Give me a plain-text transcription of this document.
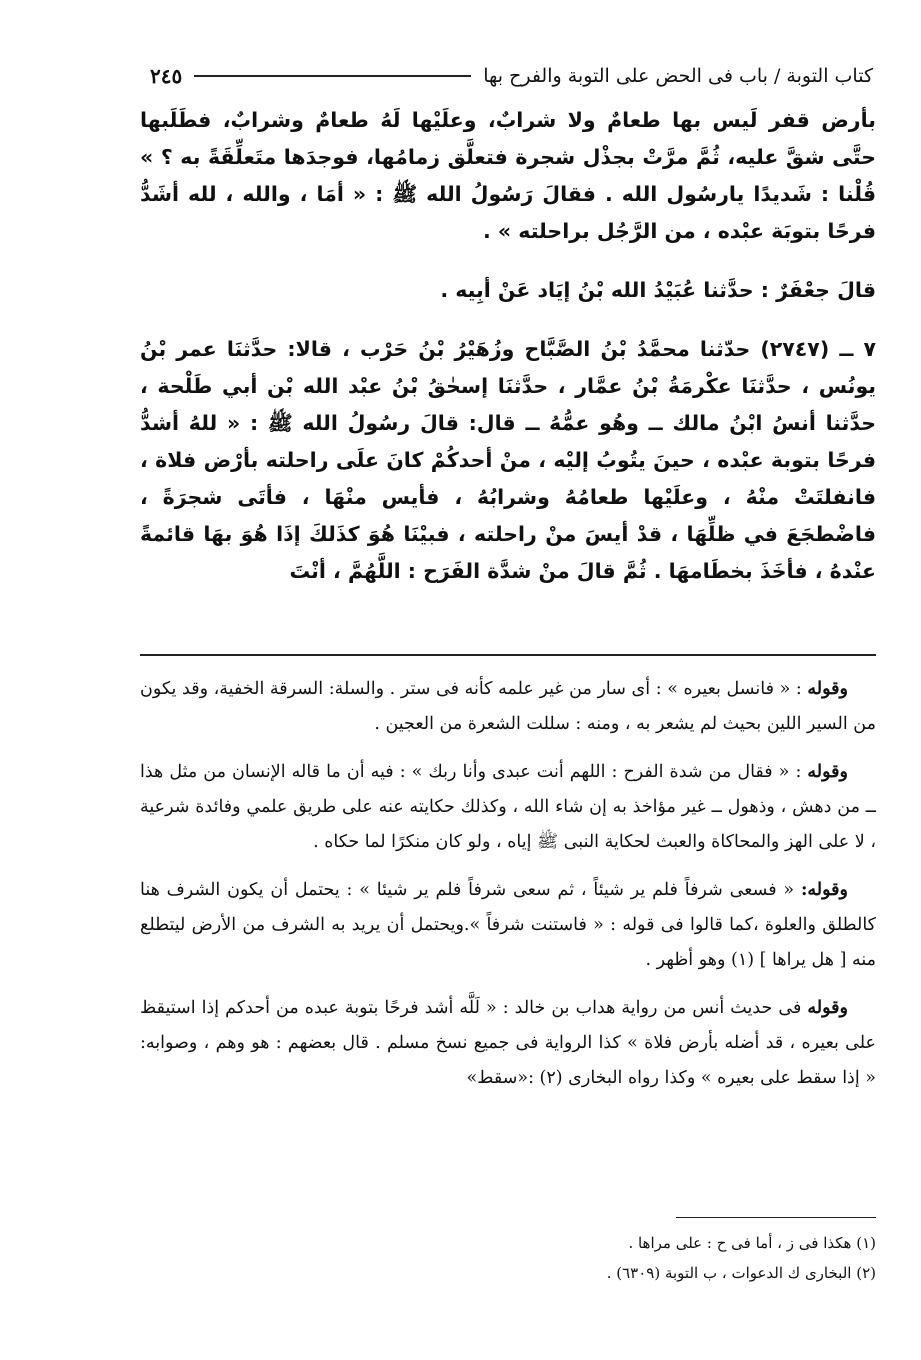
كتاب التوبة / باب فى الحض على التوبة والفرح بها
٢٤٥

بأرض قفر لَيس بها طعامٌ ولا شرابٌ، وعلَيْها لَهُ طعامٌ وشرابٌ، فطَلَبها حتَّى شقَّ عليه، ثُمَّ مرَّتْ بجذْل شجرة فتعلَّق زمامُها، فوجدَها متَعلِّقَةً به ؟ » قُلْنا : شَديدًا يارسُول الله . فقالَ رَسُولُ الله ﷺ : « أمَا ، والله ، لله أشَدُّ فرحًا بتوبَة عبْده ، من الرَّجُل براحلته » .

قالَ جعْفَرٌ : حدَّثنا عُبَيْدُ الله بْنُ إيَاد عَنْ أبِيه .

٧ ــ (٢٧٤٧) حدّثنا محمَّدُ بْنُ الصَّبَّاح وزُهَيْرُ بْنُ حَرْب ، قالا: حدَّثنَا عمر بْنُ يونُس ، حدَّثنَا عكْرمَةُ بْنُ عمَّار ، حدَّثنَا إسحٰقُ بْنُ عبْد الله بْن أبي طَلْحة ، حدَّثنا أنسُ ابْنُ مالك ــ وهُو عمُّهُ ــ قال: قالَ رسُولُ الله ﷺ : « للهُ أشدُّ فرحًا بتوبة عبْده ، حينَ يتُوبُ إليْه ، منْ أحدكُمْ كانَ علَى راحلته بأرْض فلاة ، فانفلتَتْ منْهُ ، وعلَيْها طعامُهُ وشرابُهُ ، فأيس منْهَا ، فأتَى شجرَةً ، فاضْطجَعَ في ظلِّهَا ، قدْ أيسَ منْ راحلته ، فبيْنَا هُوَ كذَلكَ إذَا هُوَ بهَا قائمةً عنْدهُ ، فأخَذَ بخطَامهَا . ثُمَّ قالَ منْ شدَّة الفَرَح : اللَّهُمَّ ، أنْتَ

وقوله : « فانسل بعيره » : أى سار من غير علمه كأنه فى ستر . والسلة: السرقة الخفية، وقد يكون من السير اللين بحيث لم يشعر به ، ومنه : سللت الشعرة من العجين .

وقوله : « فقال من شدة الفرح : اللهم أنت عبدى وأنا ربك » : فيه أن ما قاله الإنسان من مثل هذا ــ من دهش ، وذهول ــ غير مؤاخذ به إن شاء الله ، وكذلك حكايته عنه على طريق علمي وفائدة شرعية ، لا على الهز والمحاكاة والعبث لحكاية النبى ﷺ إياه ، ولو كان منكرًا لما حكاه .

وقوله: « فسعى شرفاً فلم ير شيئاً ، ثم سعى شرفاً فلم ير شيئا » : يحتمل أن يكون الشرف هنا كالطلق والعلوة ،كما قالوا فى قوله : « فاستنت شرفاً ».ويحتمل أن يريد به الشرف من الأرض ليتطلع منه [ هل يراها ] (١) وهو أظهر .

وقوله فى حديث أنس من رواية هداب بن خالد : « لَلَّه أشد فرحًا بتوبة عبده من أحدكم إذا استيقظ على بعيره ، قد أضله بأرض فلاة » كذا الرواية فى جميع نسخ مسلم . قال بعضهم : هو وهم ، وصوابه: « إذا سقط على بعيره » وكذا رواه البخارى (٢) :«سقط»

(١) هكذا فى ز ، أما فى ح : على مراها .

(٢) البخارى ك الدعوات ، ب التوبة (٦٣٠٩) .
